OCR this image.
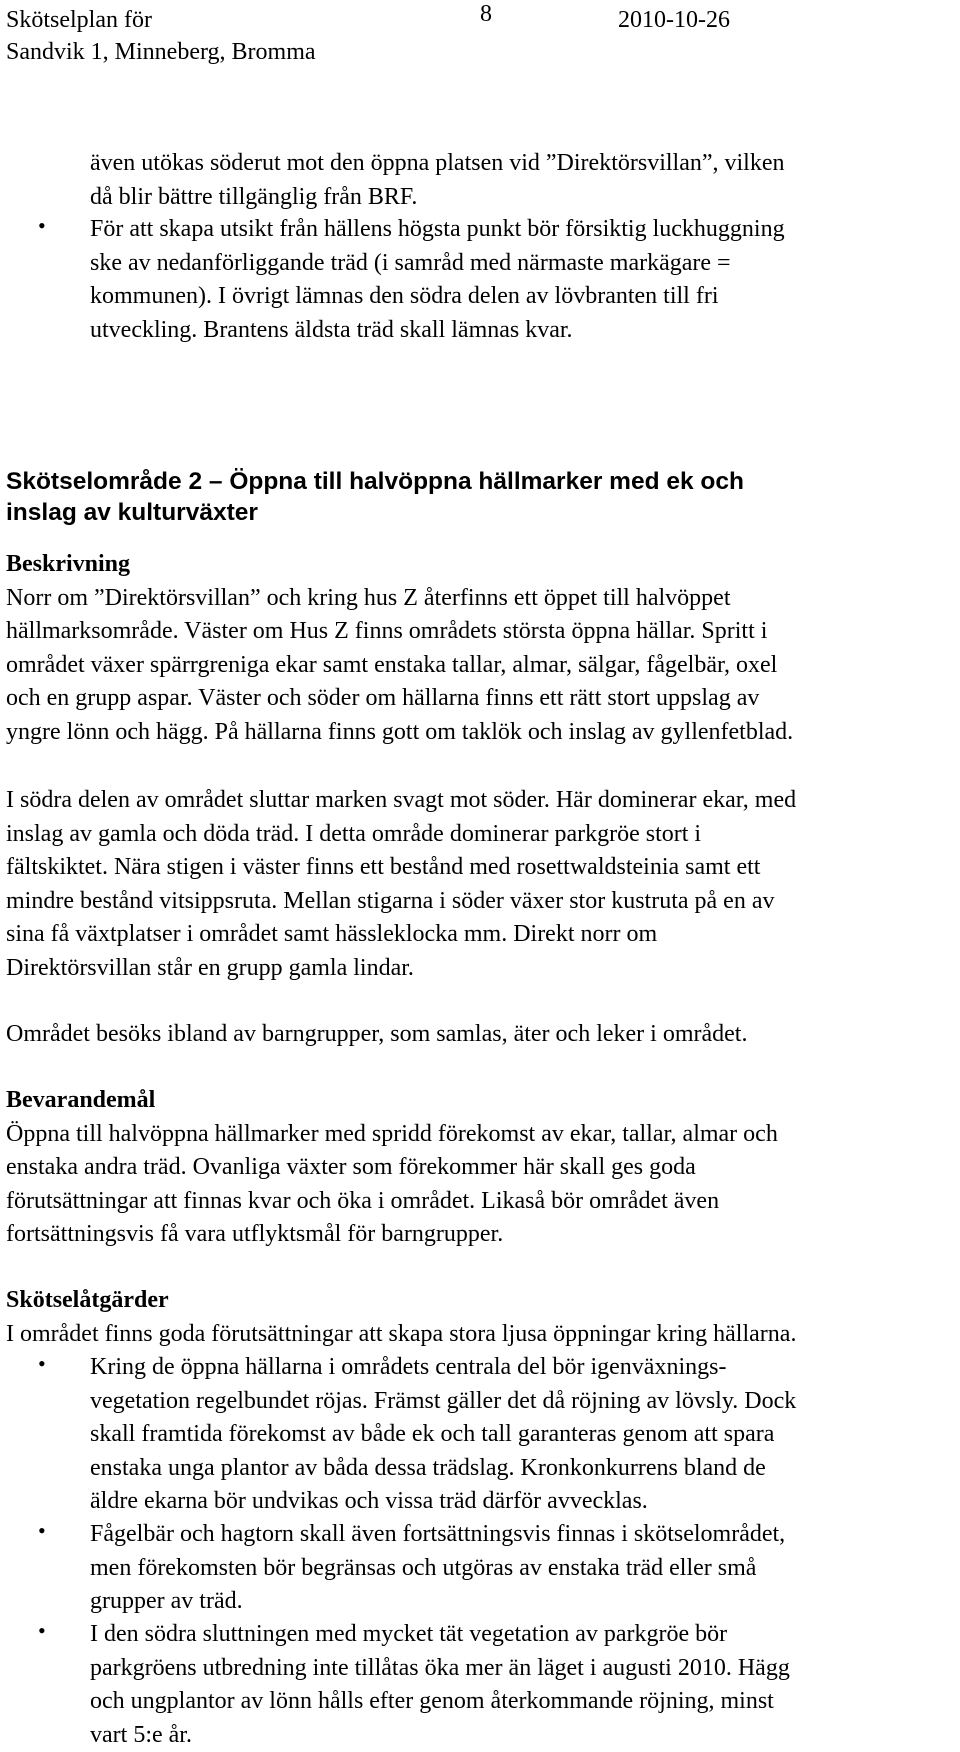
Skötselplan för
Sandvik 1, Minneberg, Bromma
8	2010-10-26
även utökas söderut mot den öppna platsen vid ”Direktörsvillan”, vilken
då blir bättre tillgänglig från BRF.
• För att skapa utsikt från hällens högsta punkt bör försiktig luckhuggning
ske av nedanförliggande träd (i samråd med närmaste markägare =
kommunen). I övrigt lämnas den södra delen av lövbranten till fri
utveckling. Brantens äldsta träd skall lämnas kvar.
Skötselområde 2 – Öppna till halvöppna hällmarker med ek och
inslag av kulturväxter
Beskrivning
Norr om ”Direktörsvillan” och kring hus Z återfinns ett öppet till halvöppet
hällmarksområde. Väster om Hus Z finns områdets största öppna hällar. Spritt i
området växer spärrgreniga ekar samt enstaka tallar, almar, sälgar, fågelbär, oxel
och en grupp aspar. Väster och söder om hällarna finns ett rätt stort uppslag av
yngre lönn och hägg. På hällarna finns gott om taklök och inslag av gyllenfetblad.
I södra delen av området sluttar marken svagt mot söder. Här dominerar ekar, med
inslag av gamla och döda träd. I detta område dominerar parkgröe stort i
fältskiktet. Nära stigen i väster finns ett bestånd med rosettwaldsteinia samt ett
mindre bestånd vitsippsruta. Mellan stigarna i söder växer stor kustruta på en av
sina få växtplatser i området samt hässleklocka mm. Direkt norr om
Direktörsvillan står en grupp gamla lindar.
Området besöks ibland av barngrupper, som samlas, äter och leker i området.
Bevarandemål
Öppna till halvöppna hällmarker med spridd förekomst av ekar, tallar, almar och
enstaka andra träd. Ovanliga växter som förekommer här skall ges goda
förutsättningar att finnas kvar och öka i området. Likaså bör området även
fortsättningsvis få vara utflyktsmål för barngrupper.
Skötselåtgärder
I området finns goda förutsättningar att skapa stora ljusa öppningar kring hällarna.
• Kring de öppna hällarna i områdets centrala del bör igenväxnings-
vegetation regelbundet röjas. Främst gäller det då röjning av lövsly. Dock
skall framtida förekomst av både ek och tall garanteras genom att spara
enstaka unga plantor av båda dessa trädslag. Kronkonkurrens bland de
äldre ekarna bör undvikas och vissa träd därför avvecklas.
• Fågelbär och hagtorn skall även fortsättningsvis finnas i skötselområdet,
men förekomsten bör begränsas och utgöras av enstaka träd eller små
grupper av träd.
• I den södra sluttningen med mycket tät vegetation av parkgröe bör
parkgröens utbredning inte tillåtas öka mer än läget i augusti 2010. Hägg
och ungplantor av lönn hålls efter genom återkommande röjning, minst
vart 5:e år.
